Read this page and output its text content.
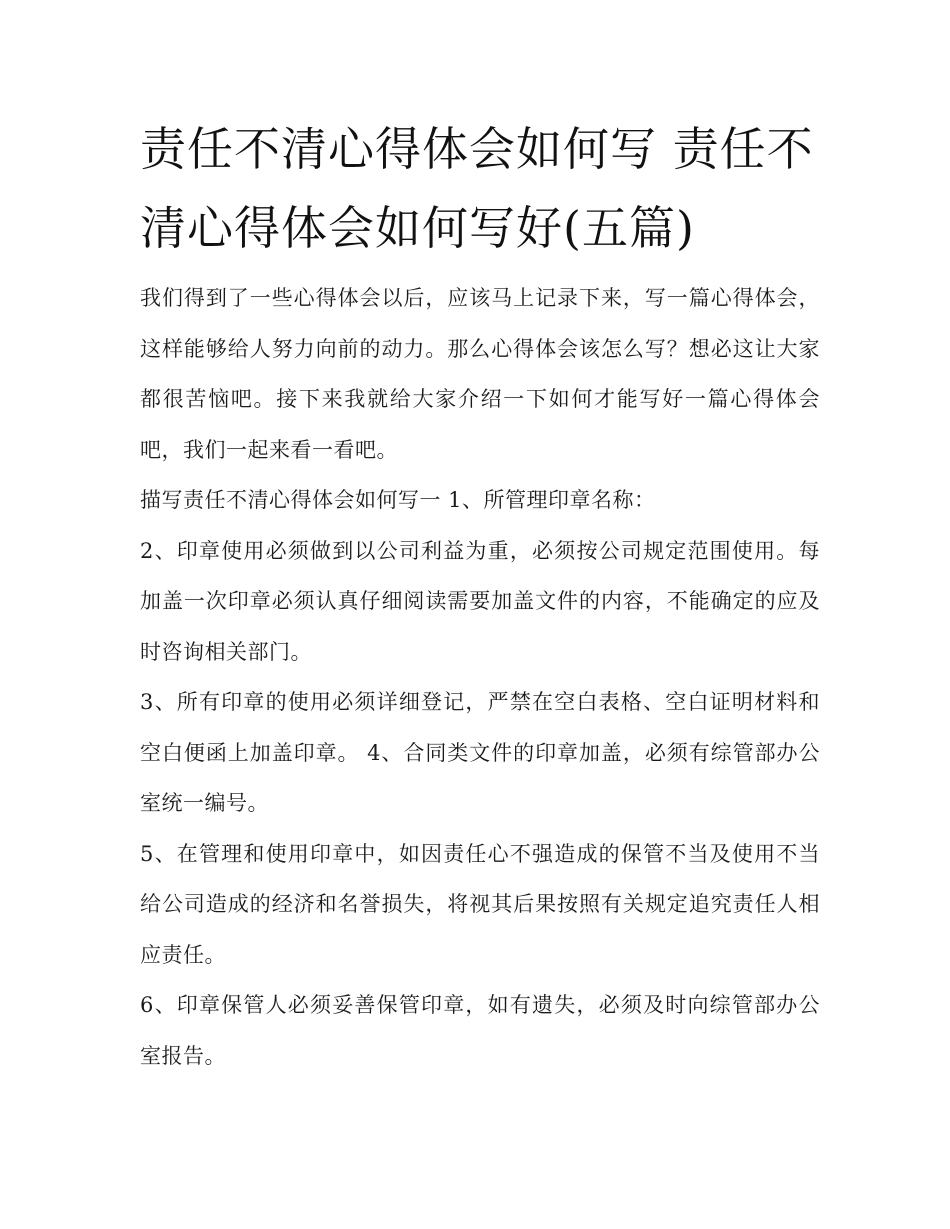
责任不清心得体会如何写 责任不清心得体会如何写好(五篇)

我们得到了一些心得体会以后，应该马上记录下来，写一篇心得体会，这样能够给人努力向前的动力。那么心得体会该怎么写？想必这让大家都很苦恼吧。接下来我就给大家介绍一下如何才能写好一篇心得体会吧，我们一起来看一看吧。

描写责任不清心得体会如何写一 1、所管理印章名称：

2、印章使用必须做到以公司利益为重，必须按公司规定范围使用。每加盖一次印章必须认真仔细阅读需要加盖文件的内容，不能确定的应及时咨询相关部门。

3、所有印章的使用必须详细登记，严禁在空白表格、空白证明材料和空白便函上加盖印章。 4、合同类文件的印章加盖，必须有综管部办公室统一编号。

5、在管理和使用印章中，如因责任心不强造成的保管不当及使用不当给公司造成的经济和名誉损失，将视其后果按照有关规定追究责任人相应责任。

6、印章保管人必须妥善保管印章，如有遗失，必须及时向综管部办公室报告。
